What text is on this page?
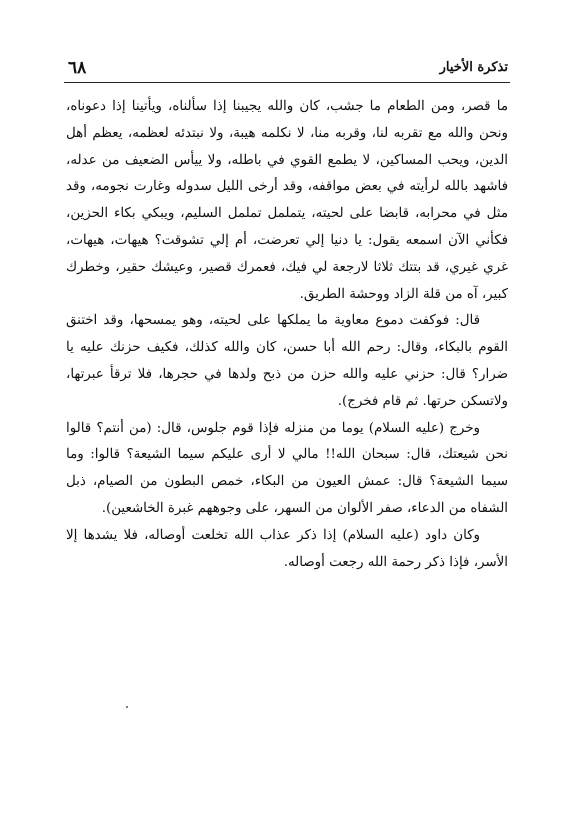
تذكرة الأخيار
٦٨

ما قصر، ومن الطعام ما جشب، كان والله يجيبنا إذا سألناه، ويأتينا إذا دعوناه، ونحن والله مع تقربه لنا، وقربه منا، لا نكلمه هيبة، ولا نبتدئه لعظمه، يعظم أهل الدين، ويحب المساكين، لا يطمع القوي في باطله، ولا ييأس الضعيف من عدله، فاشهد بالله لرأيته في بعض مواقفه، وقد أرخى الليل سدوله وغارت نجومه، وقد مثل في محرابه، قابضا على لحيته، يتململ تململ السليم، ويبكي بكاء الحزين، فكأني الآن اسمعه يقول: يا دنيا إلي تعرضت، أم إلي تشوقت؟ هيهات، هيهات، غري غيري، قد بتتك ثلاثا لارجعة لي فيك، فعمرك قصير، وعيشك حقير، وخطرك كبير، آه من قلة الزاد ووحشة الطريق.

قال: فوكفت دموع معاوية ما يملكها على لحيته، وهو يمسحها، وقد اختنق القوم بالبكاء، وقال: رحم الله أبا حسن، كان والله كذلك، فكيف حزنك عليه يا ضرار؟ قال: حزني عليه والله حزن من ذبح ولدها في حجرها، فلا ترقأ عبرتها، ولاتسكن حرتها. ثم قام فخرج).

وخرج (عليه السلام) يوما من منزله فإذا قوم جلوس، قال: (من أنتم؟ قالوا نحن شيعتك، قال: سبحان الله!! مالي لا أرى عليكم سيما الشيعة؟ قالوا: وما سيما الشيعة؟ قال: عمش العيون من البكاء، خمص البطون من الصيام، ذبل الشفاه من الدعاء، صفر الألوان من السهر، على وجوههم غبرة الخاشعين).

وكان داود (عليه السلام) إذا ذكر عذاب الله تخلعت أوصاله، فلا يشدها إلا الأسر، فإذا ذكر رحمة الله رجعت أوصاله.
